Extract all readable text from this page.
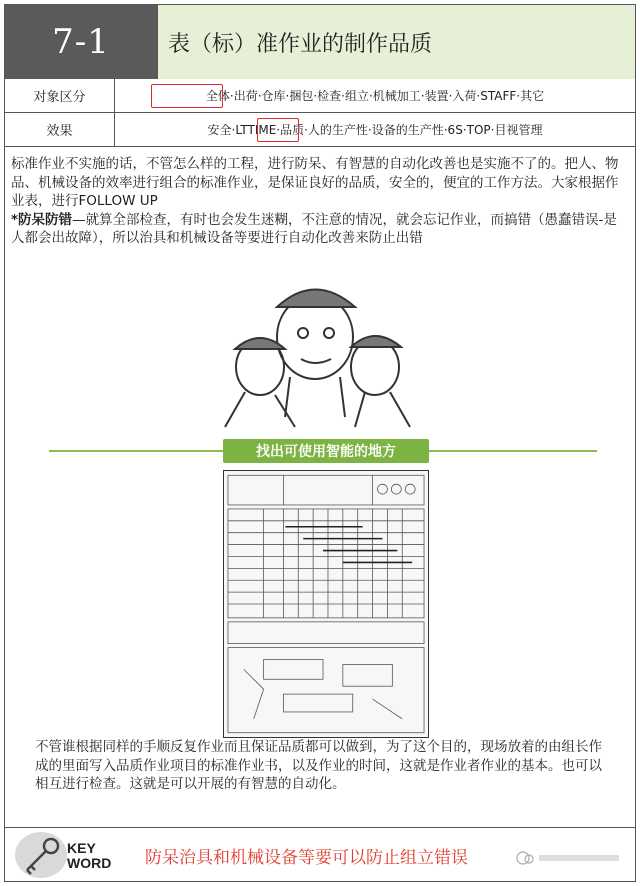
7-1	表（标）准作业的制作品质
对象区分	全体·出荷·仓库·捆包·检查·组立·机械加工·装置·入荷·STAFF·其它
效果	安全·LTTIME·品质·人的生产性·设备的生产性·6S·TOP·目视管理
标准作业不实施的话，不管怎么样的工程，进行防呆、有智慧的自动化改善也是实施不了的。把人、物品、机械设备的效率进行组合的标准作业，是保证良好的品质，安全的，便宜的工作方法。大家根据作业表，进行FOLLOW UP
*防呆防错—就算全部检查，有时也会发生迷糊，不注意的情况，就会忘记作业，而搞错（愚蠢错误-是人都会出故障），所以治具和机械设备等要进行自动化改善来防止出错
找出可使用智能的地方
不管谁根据同样的手顺反复作业而且保证品质都可以做到，为了这个目的，现场放着的由组长作成的里面写入品质作业项目的标准作业书，以及作业的时间，这就是作业者作业的基本。也可以相互进行检查。这就是可以开展的有智慧的自动化。
KEY
WORD 防呆治具和机械设备等要可以防止组立错误
